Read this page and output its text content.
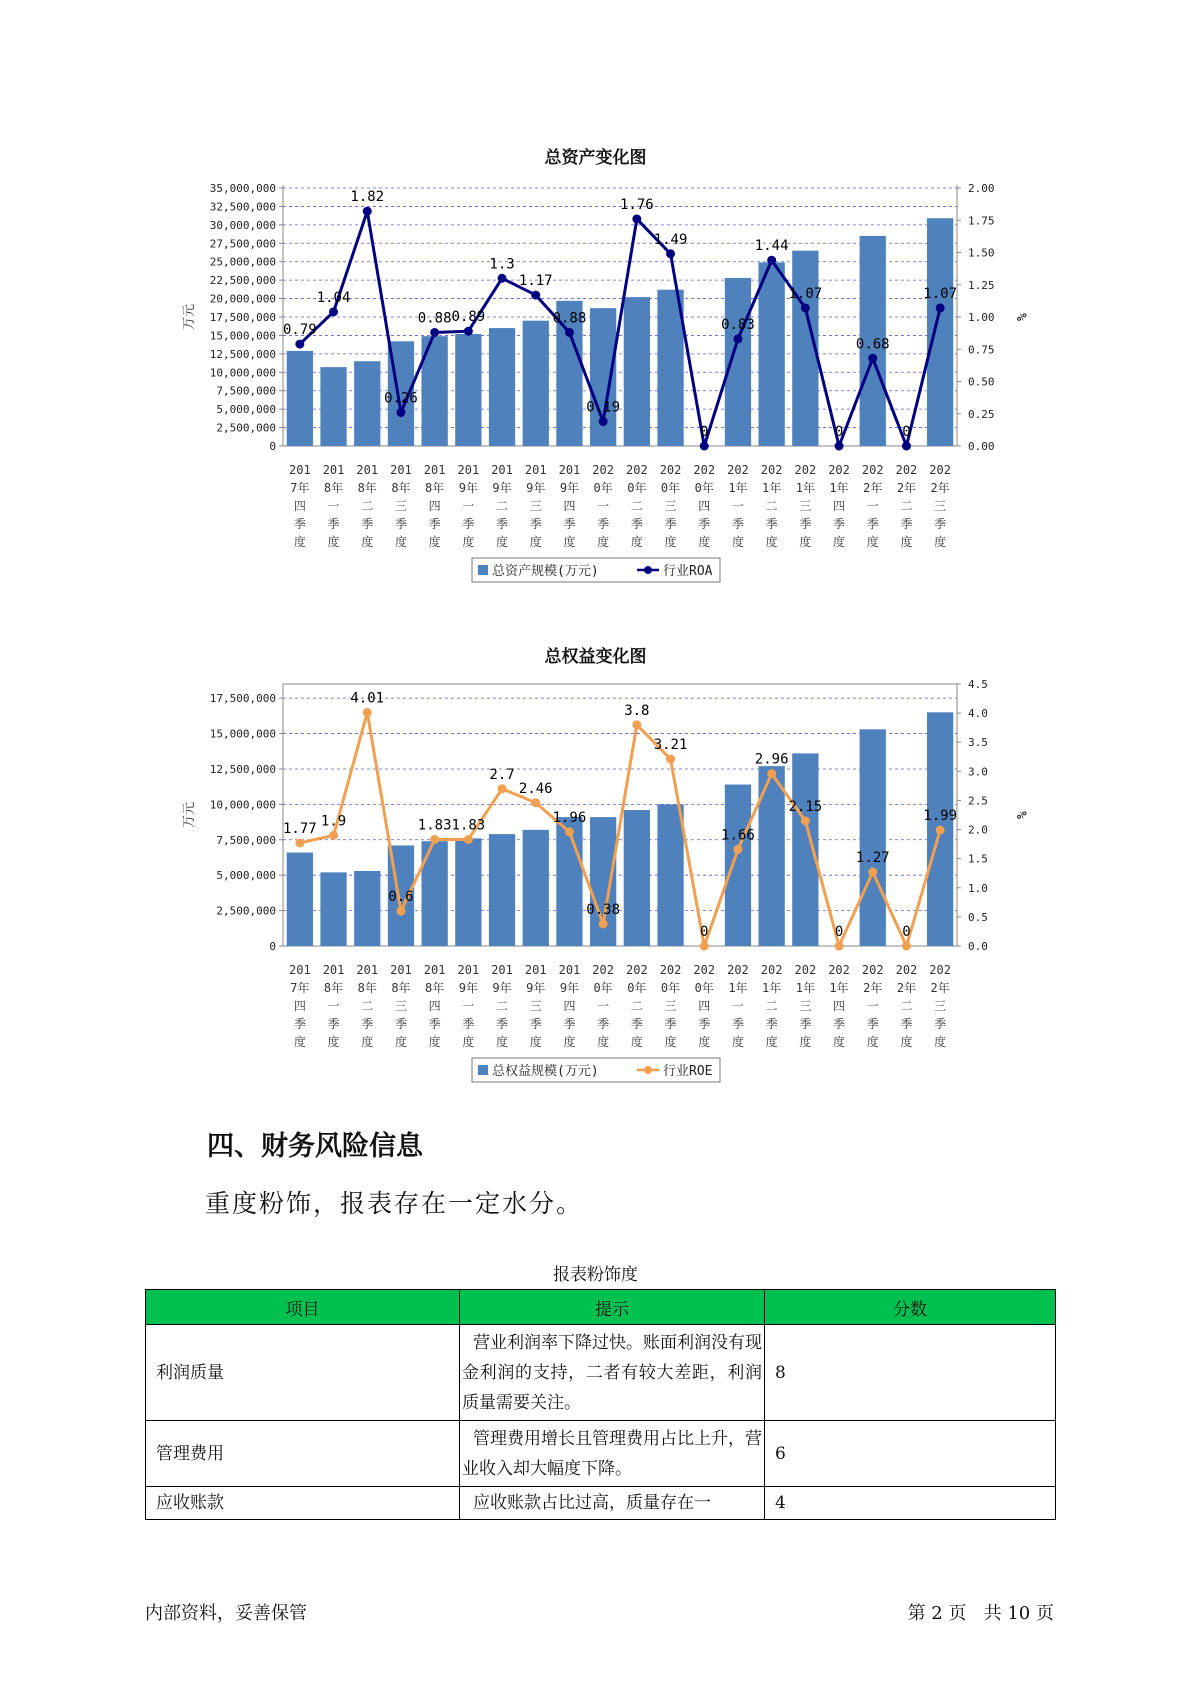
总资产变化图
0
2,500,000
5,000,000
7,500,000
10,000,000
12,500,000
15,000,000
17,500,000
20,000,000
22,500,000
25,000,000
27,500,000
30,000,000
32,500,000
35,000,000
0.00
0.25
0.50
0.75
1.00
1.25
1.50
1.75
2.00
万元	%
0.79
1.04
1.82
0.26
0.88 0.89
1.3
1.17
0.88
0.19
1.76
1.49
0
0.83
1.44
1.07
0
0.68
0
1.07
201
7年
四
季
度
201
8年
一
季
度
201
8年
二
季
度
201
8年
三
季
度
201
8年
四
季
度
201
9年
一
季
度
201
9年
二
季
度
201
9年
三
季
度
201
9年
四
季
度
202
0年
一
季
度
202
0年
二
季
度
202
0年
三
季
度
202
0年
四
季
度
202
1年
一
季
度
202
1年
二
季
度
202
1年
三
季
度
202
1年
四
季
度
202
2年
一
季
度
202
2年
二
季
度
202
2年
三
季
度
总资产规模(万元)	行业ROA
总权益变化图
0
2,500,000
5,000,000
7,500,000
10,000,000
12,500,000
15,000,000
17,500,000
0.0
0.5
1.0
1.5
2.0
2.5
3.0
3.5
4.0
4.5
万元	%
1.77 1.9
4.01
0.6
1.83 1.83
2.7
2.46
1.96
0.38
3.8
3.21
0
1.66
2.96
2.15
0
1.27
0
1.99
201
7年
四
季
度
201
8年
一
季
度
201
8年
二
季
度
201
8年
三
季
度
201
8年
四
季
度
201
9年
一
季
度
201
9年
二
季
度
201
9年
三
季
度
201
9年
四
季
度
202
0年
一
季
度
202
0年
二
季
度
202
0年
三
季
度
202
0年
四
季
度
202
1年
一
季
度
202
1年
二
季
度
202
1年
三
季
度
202
1年
四
季
度
202
2年
一
季
度
202
2年
二
季
度
202
2年
三
季
度
总权益规模(万元)	行业ROE
四、财务风险信息
重度粉饰，报表存在一定水分。
报表粉饰度
项目	提示	分数
利润质量	营业利润率下降过快。账面利润没有现金利润的支持，二者有较大差距，利润质量需要关注。	8
管理费用	管理费用增长且管理费用占比上升，营业收入却大幅度下降。	6
应收账款	应收账款占比过高，质量存在一	4
内部资料，妥善保管	第 2 页   共 10 页
